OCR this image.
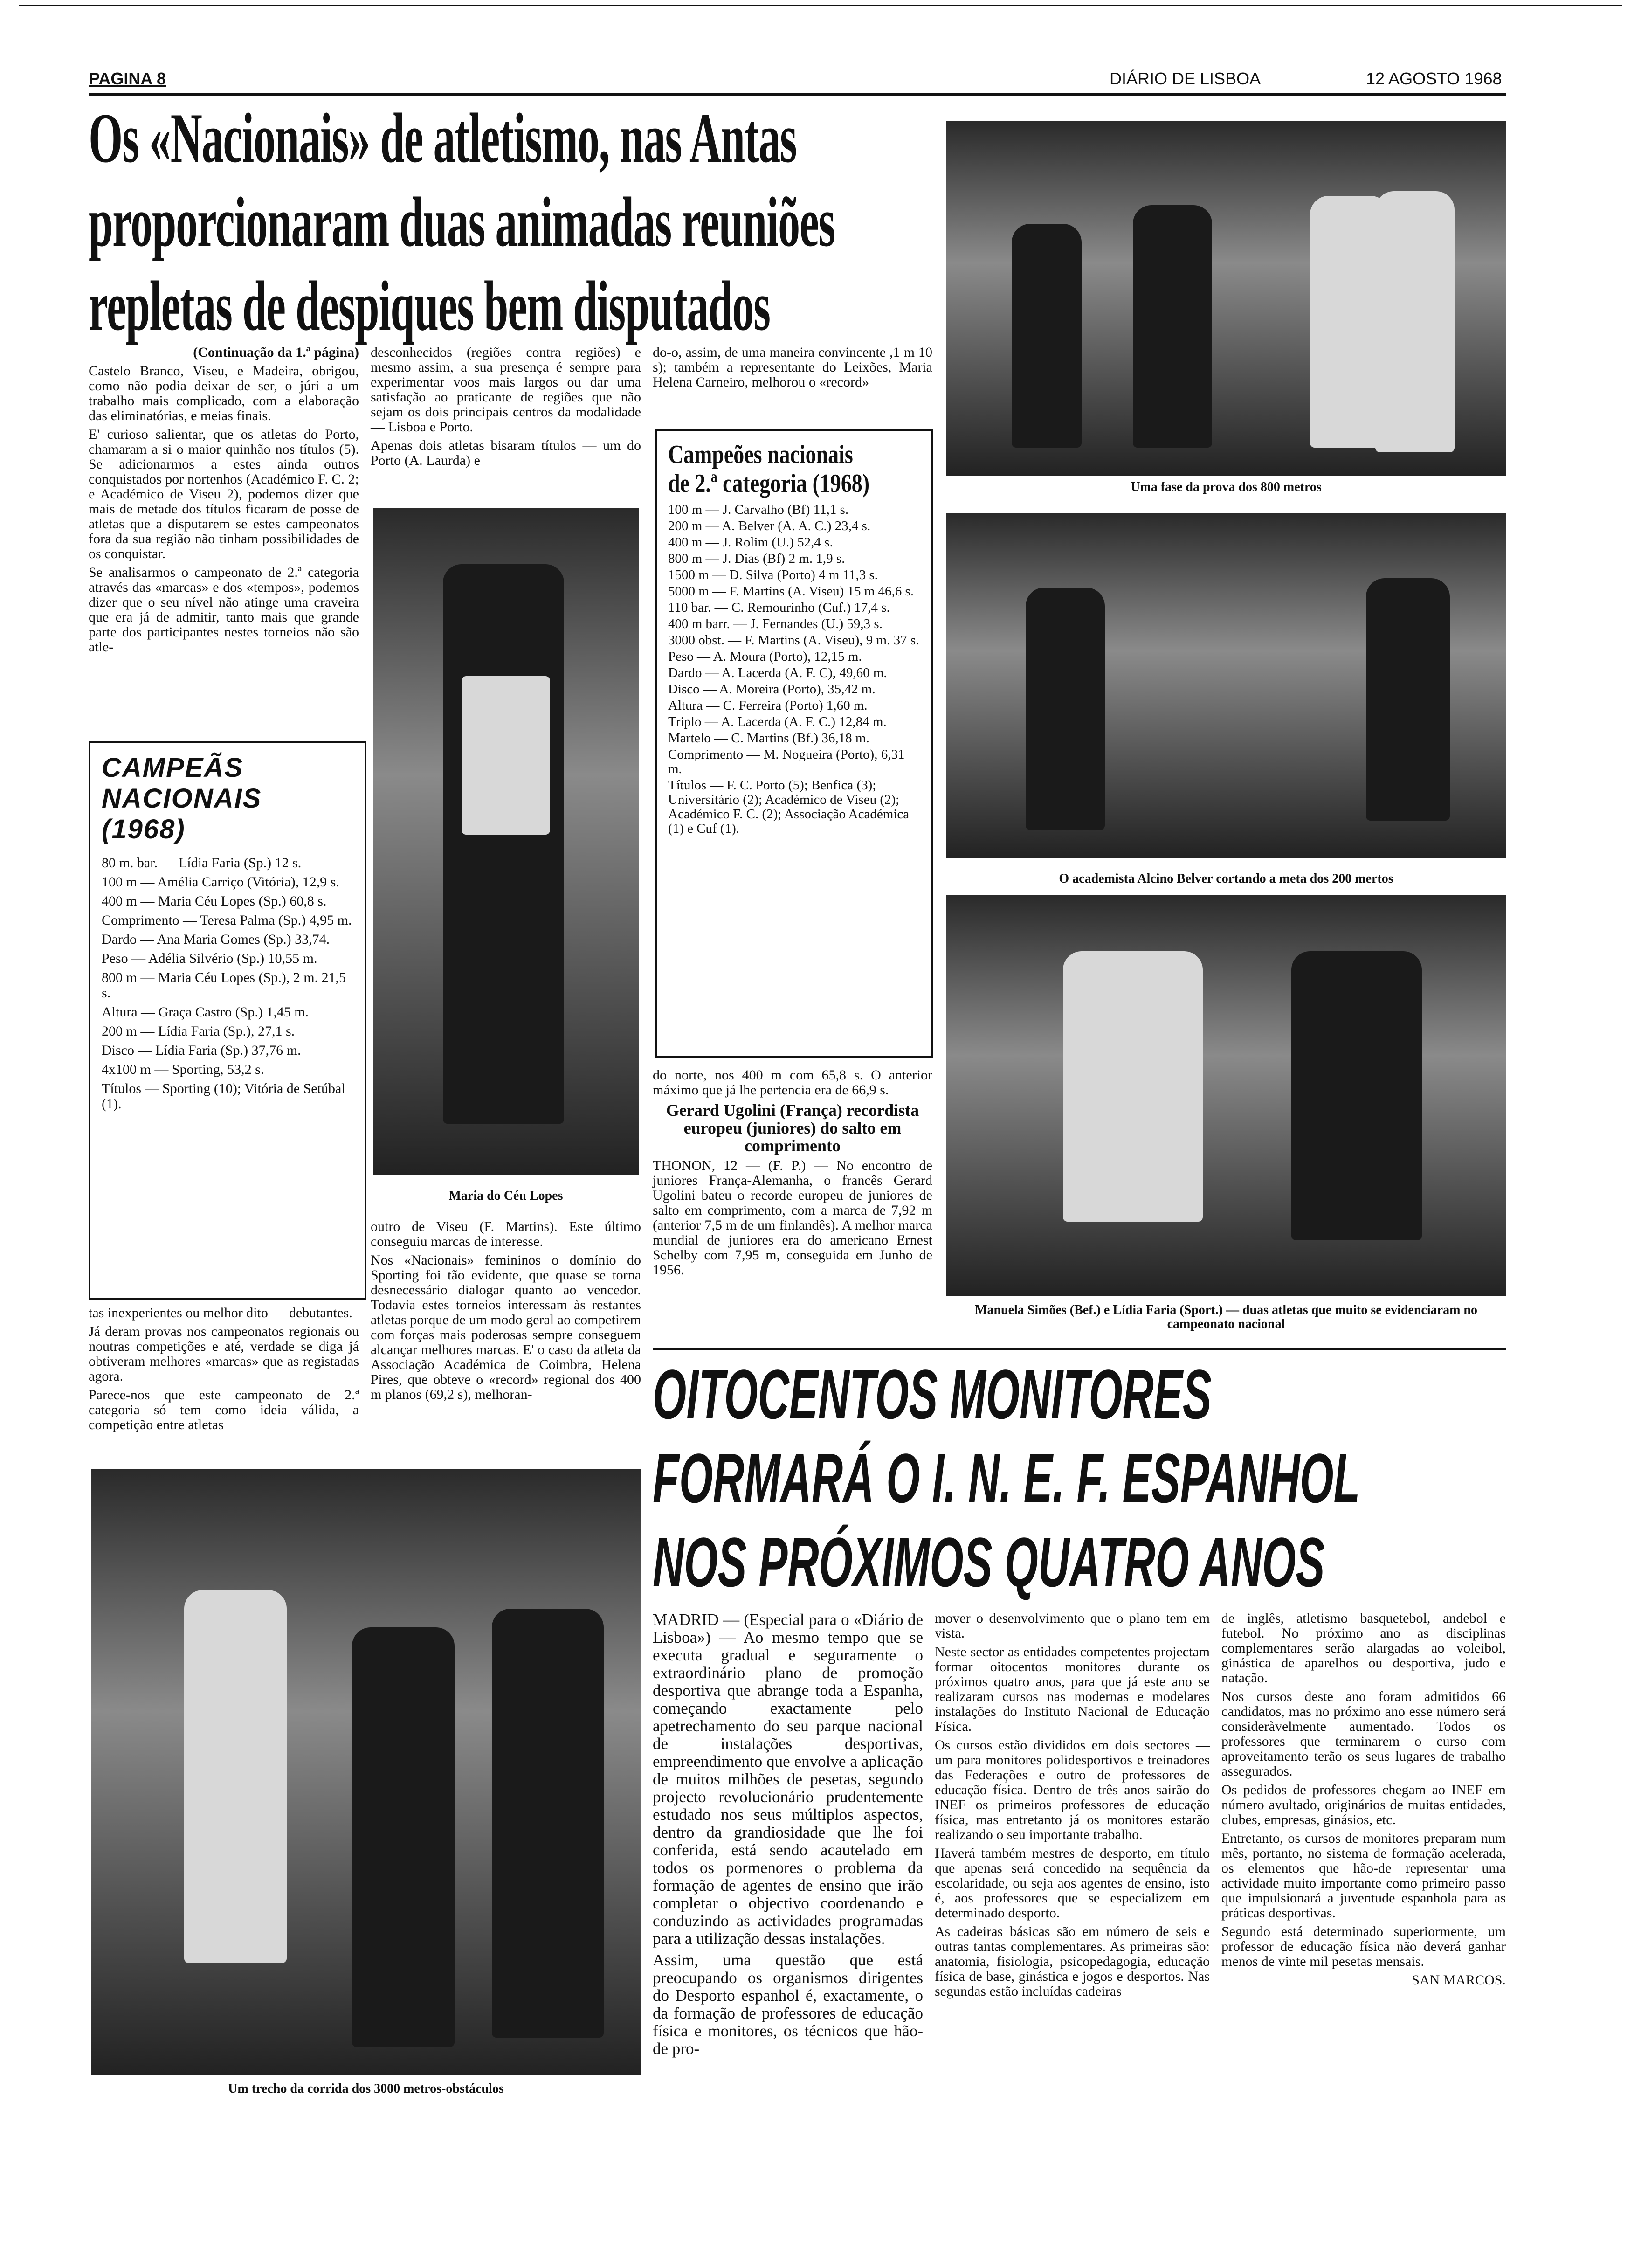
PAGINA 8	DIÁRIO DE LISBOA	12 AGOSTO 1968
Os «Nacionais» de atletismo, nas Antas
proporcionaram duas animadas reuniões
repletas de despiques bem disputados

(Continuação da 1.ª página)

Castelo Branco, Viseu, e Madeira, obrigou, como não podia deixar de ser, o júri a um trabalho mais complicado, com a elaboração das eliminatórias, e meias finais.

E' curioso salientar, que os atletas do Porto, chamaram a si o maior quinhão nos títulos (5). Se adicionarmos a estes ainda outros conquistados por nortenhos (Académico F. C. 2; e Académico de Viseu 2), podemos dizer que mais de metade dos títulos ficaram de posse de atletas que a disputarem se estes campeonatos fora da sua região não tinham possibilidades de os conquistar.

Se analisarmos o campeonato de 2.ª categoria através das «marcas» e dos «tempos», podemos dizer que o seu nível não atinge uma craveira que era já de admitir, tanto mais que grande parte dos participantes nestes torneios não são atle-

CAMPEÃS
NACIONAIS (1968)

80 m. bar. — Lídia Faria (Sp.) 12 s.

100 m — Amélia Carriço (Vitória), 12,9 s.

400 m — Maria Céu Lopes (Sp.) 60,8 s.

Comprimento — Teresa Palma (Sp.) 4,95 m.

Dardo — Ana Maria Gomes (Sp.) 33,74.

Peso — Adélia Silvério (Sp.) 10,55 m.

800 m — Maria Céu Lopes (Sp.), 2 m. 21,5 s.

Altura — Graça Castro (Sp.) 1,45 m.

200 m — Lídia Faria (Sp.), 27,1 s.

Disco — Lídia Faria (Sp.) 37,76 m.

4x100 m — Sporting, 53,2 s.

Títulos — Sporting (10); Vitória de Setúbal (1).

tas inexperientes ou melhor dito — debutantes.

Já deram provas nos campeonatos regionais ou noutras competições e até, verdade se diga já obtiveram melhores «marcas» que as registadas agora.

Parece-nos que este campeonato de 2.ª categoria só tem como ideia válida, a competição entre atletas

desconhecidos (regiões contra regiões) e mesmo assim, a sua presença é sempre para experimentar voos mais largos ou dar uma satisfação ao praticante de regiões que não sejam os dois principais centros da modalidade — Lisboa e Porto.

Apenas dois atletas bisaram títulos — um do Porto (A. Laurda) e

Maria do Céu Lopes

outro de Viseu (F. Martins). Este último conseguiu marcas de interesse.

Nos «Nacionais» femininos o domínio do Sporting foi tão evidente, que quase se torna desnecessário dialogar quanto ao vencedor. Todavia estes torneios interessam às restantes atletas porque de um modo geral ao competirem com forças mais poderosas sempre conseguem alcançar melhores marcas. E' o caso da atleta da Associação Académica de Coimbra, Helena Pires, que obteve o «record» regional dos 400 m planos (69,2 s), melhoran-

do-o, assim, de uma maneira convincente ,1 m 10 s); também a representante do Leixões, Maria Helena Carneiro, melhorou o «record»

Campeões nacionais
de 2.ª categoria (1968)

100 m — J. Carvalho (Bf) 11,1 s.

200 m — A. Belver (A. A. C.) 23,4 s.

400 m — J. Rolim (U.) 52,4 s.

800 m — J. Dias (Bf) 2 m. 1,9 s.

1500 m — D. Silva (Porto) 4 m 11,3 s.

5000 m — F. Martins (A. Viseu) 15 m 46,6 s.

110 bar. — C. Remourinho (Cuf.) 17,4 s.

400 m barr. — J. Fernandes (U.) 59,3 s.

3000 obst. — F. Martins (A. Viseu), 9 m. 37 s.

Peso — A. Moura (Porto), 12,15 m.

Dardo — A. Lacerda (A. F. C), 49,60 m.

Disco — A. Moreira (Porto), 35,42 m.

Altura — C. Ferreira (Porto) 1,60 m.

Triplo — A. Lacerda (A. F. C.) 12,84 m.

Martelo — C. Martins (Bf.) 36,18 m.

Comprimento — M. Nogueira (Porto), 6,31 m.

Títulos — F. C. Porto (5); Benfica (3); Universitário (2); Académico de Viseu (2); Académico F. C. (2); Associação Académica (1) e Cuf (1).

do norte, nos 400 m com 65,8 s. O anterior máximo que já lhe pertencia era de 66,9 s.

Gerard Ugolini (França) recordista europeu (juniores) do salto em comprimento

THONON, 12 — (F. P.) — No encontro de juniores França-Alemanha, o francês Gerard Ugolini bateu o recorde europeu de juniores de salto em comprimento, com a marca de 7,92 m (anterior 7,5 m de um finlandês). A melhor marca mundial de juniores era do americano Ernest Schelby com 7,95 m, conseguida em Junho de 1956.

Uma fase da prova dos 800 metros
O academista Alcino Belver cortando a meta dos 200 mertos
Manuela Simões (Bef.) e Lídia Faria (Sport.) — duas atletas que muito se evidenciaram no campeonato nacional
Um trecho da corrida dos 3000 metros-obstáculos
OITOCENTOS MONITORES
FORMARÁ O I. N. E. F. ESPANHOL
NOS PRÓXIMOS QUATRO ANOS

MADRID — (Especial para o «Diário de Lisboa») — Ao mesmo tempo que se executa gradual e seguramente o extraordinário plano de promoção desportiva que abrange toda a Espanha, começando exactamente pelo apetrechamento do seu parque nacional de instalações desportivas, empreendimento que envolve a aplicação de muitos milhões de pesetas, segundo projecto revolucionário prudentemente estudado nos seus múltiplos aspectos, dentro da grandiosidade que lhe foi conferida, está sendo acautelado em todos os pormenores o problema da formação de agentes de ensino que irão completar o objectivo coordenando e conduzindo as actividades programadas para a utilização dessas instalações.

Assim, uma questão que está preocupando os organismos dirigentes do Desporto espanhol é, exactamente, o da formação de professores de educação física e monitores, os técnicos que hão-de pro-

mover o desenvolvimento que o plano tem em vista.

Neste sector as entidades competentes projectam formar oitocentos monitores durante os próximos quatro anos, para que já este ano se realizaram cursos nas modernas e modelares instalações do Instituto Nacional de Educação Física.

Os cursos estão divididos em dois sectores — um para monitores polidesportivos e treinadores das Federações e outro de professores de educação física. Dentro de três anos sairão do INEF os primeiros professores de educação física, mas entretanto já os monitores estarão realizando o seu importante trabalho.

Haverá também mestres de desporto, em título que apenas será concedido na sequência da escolaridade, ou seja aos agentes de ensino, isto é, aos professores que se especializem em determinado desporto.

As cadeiras básicas são em número de seis e outras tantas complementares. As primeiras são: anatomia, fisiologia, psicopedagogia, educação física de base, ginástica e jogos e desportos. Nas segundas estão incluídas cadeiras

de inglês, atletismo basquetebol, andebol e futebol. No próximo ano as disciplinas complementares serão alargadas ao voleibol, ginástica de aparelhos ou desportiva, judo e natação.

Nos cursos deste ano foram admitidos 66 candidatos, mas no próximo ano esse número será consideràvelmente aumentado. Todos os professores que terminarem o curso com aproveitamento terão os seus lugares de trabalho assegurados.

Os pedidos de professores chegam ao INEF em número avultado, originários de muitas entidades, clubes, empresas, ginásios, etc.

Entretanto, os cursos de monitores preparam num mês, portanto, no sistema de formação acelerada, os elementos que hão-de representar uma actividade muito importante como primeiro passo que impulsionará a juventude espanhola para as práticas desportivas.

Segundo está determinado superiormente, um professor de educação física não deverá ganhar menos de vinte mil pesetas mensais.

SAN MARCOS.
